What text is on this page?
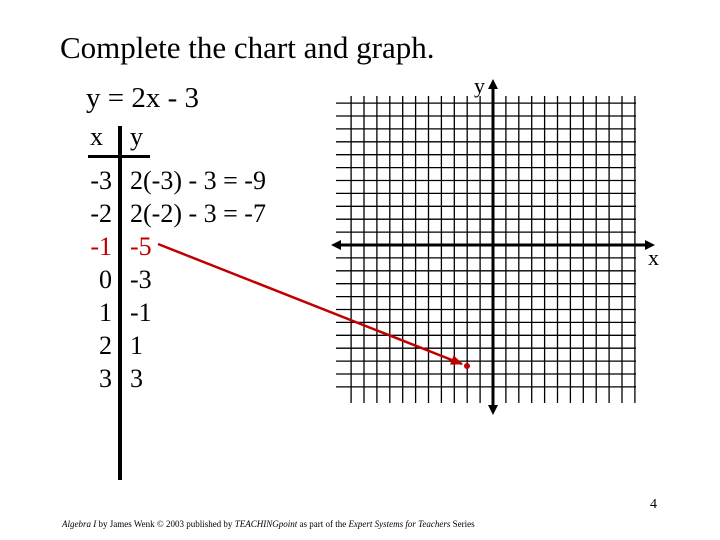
Complete the chart and graph.
y = 2x - 3
x y
-3
-2
-1
0
1
2
3
2(-3) - 3 = -9
2(-2) - 3 = -7
-5
-3
-1
1
3
y
x
4
Algebra I by James Wenk © 2003 published by TEACHINGpoint as part of the Expert Systems for Teachers Series
